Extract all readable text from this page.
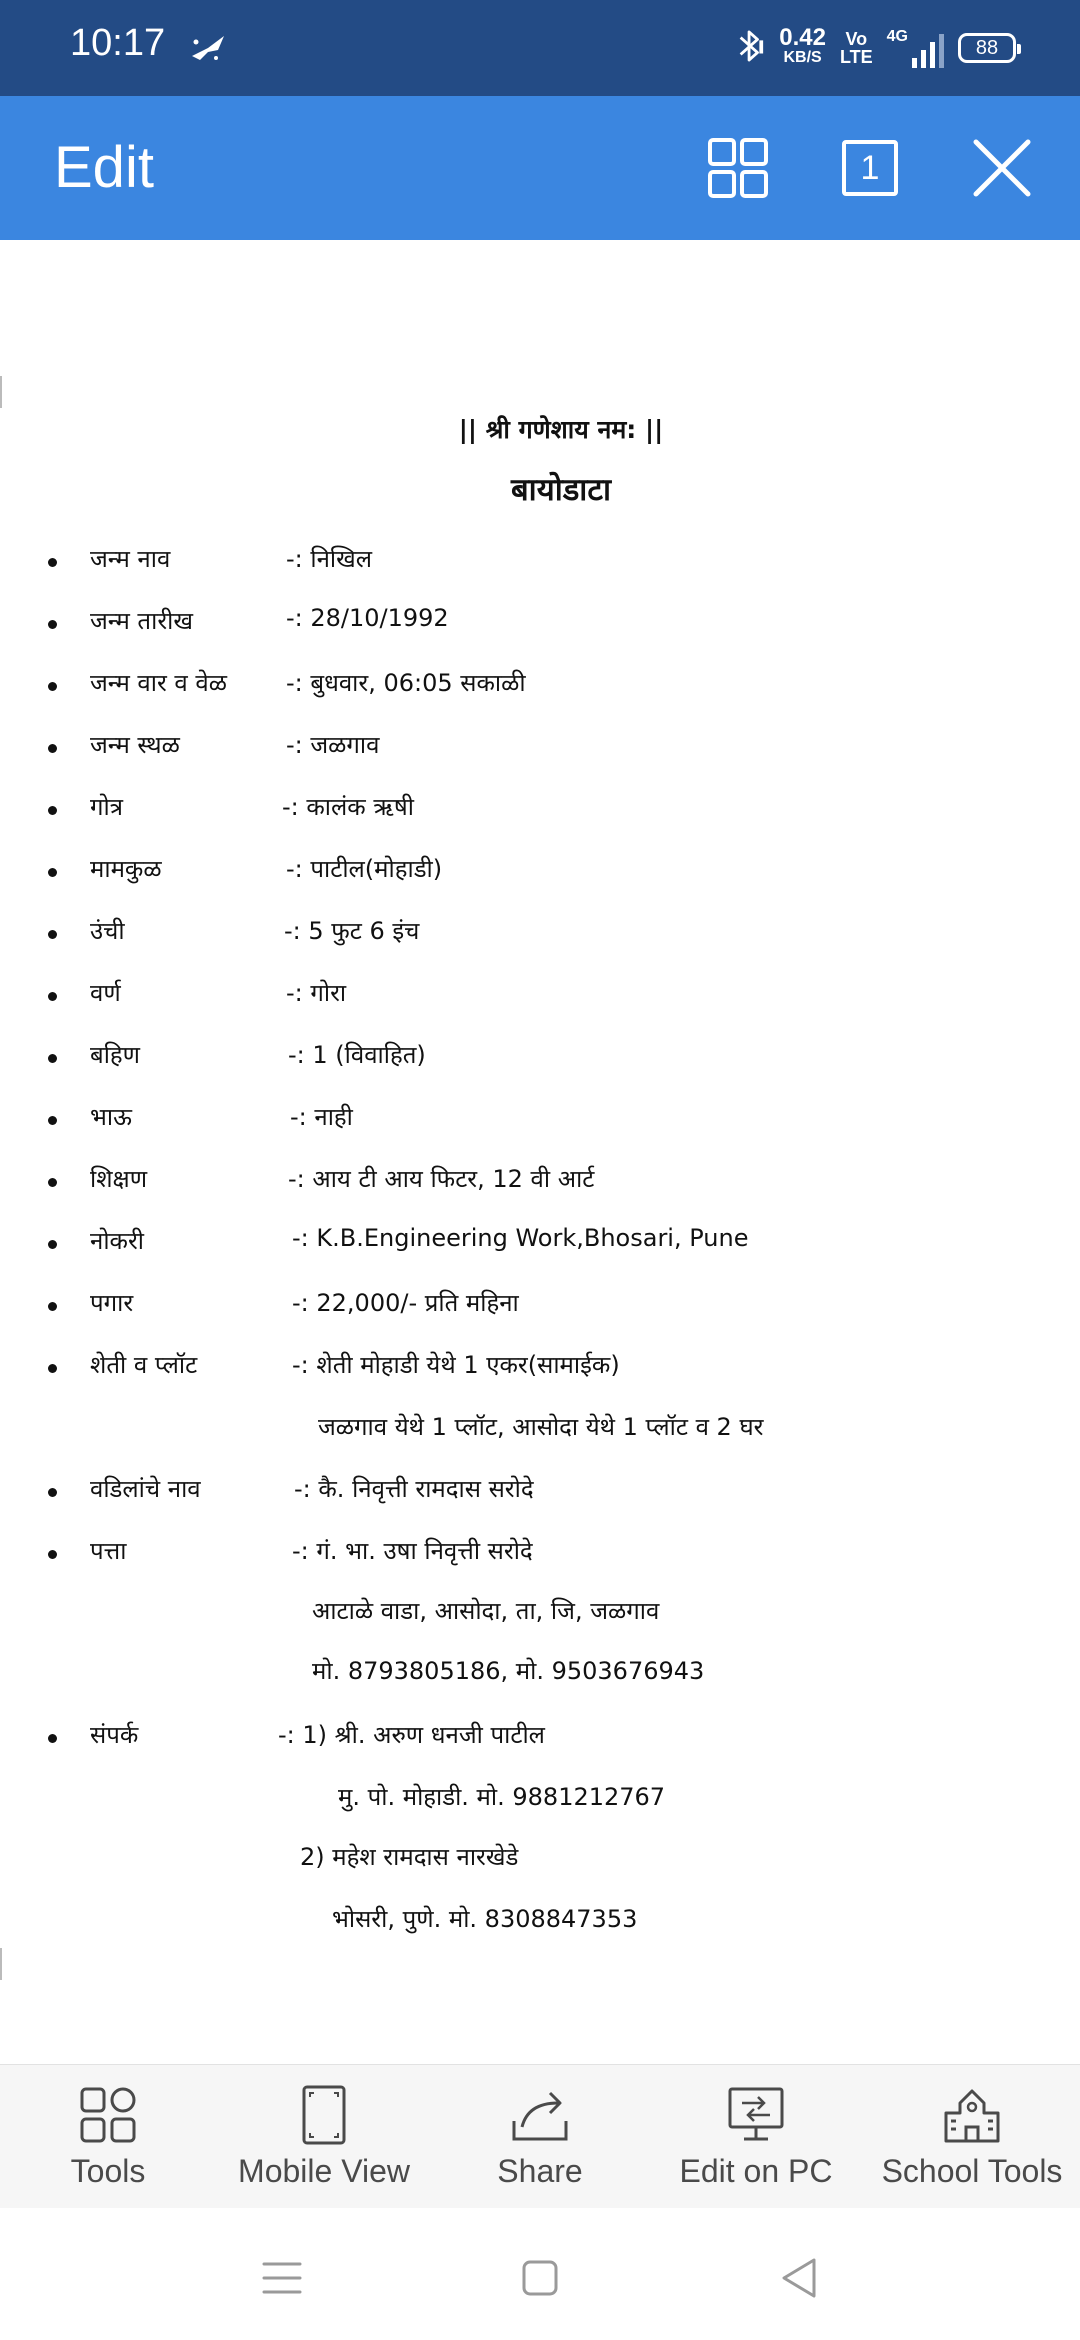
10:17	0.42
KB/S
Vo
LTE
4G	88
Edit	1
|| श्री गणेशाय नम: ||
बायोडाटा
जन्म नाव	-: निखिल
जन्म तारीख	-: 28/10/1992
जन्म वार व वेळ -: बुधवार, 06:05 सकाळी
जन्म स्थळ	-: जळगाव
गोत्र	-: कालंक ऋषी
मामकुळ	-: पाटील(मोहाडी)
उंची	-: 5 फुट 6 इंच
वर्ण	-: गोरा
बहिण	-: 1 (विवाहित)
भाऊ	-: नाही
शिक्षण	-: आय टी आय फिटर, 12 वी आर्ट
नोकरी	-: K.B.Engineering Work,Bhosari, Pune
पगार	-: 22,000/- प्रति महिना
शेती व प्लॉट	-: शेती मोहाडी येथे 1 एकर(सामाईक)
जळगाव येथे 1 प्लॉट, आसोदा येथे 1 प्लॉट व 2 घर
वडिलांचे नाव	-: कै. निवृत्ती रामदास सरोदे
पत्ता	-: गं. भा. उषा निवृत्ती सरोदे
आटाळे वाडा, आसोदा, ता, जि, जळगाव
मो. 8793805186, मो. 9503676943
संपर्क	-: 1) श्री. अरुण धनजी पाटील
मु. पो. मोहाडी. मो. 9881212767
2) महेश रामदास नारखेडे
भोसरी, पुणे. मो. 8308847353
Tools	Mobile View	Share	Edit on PC	School Tools
